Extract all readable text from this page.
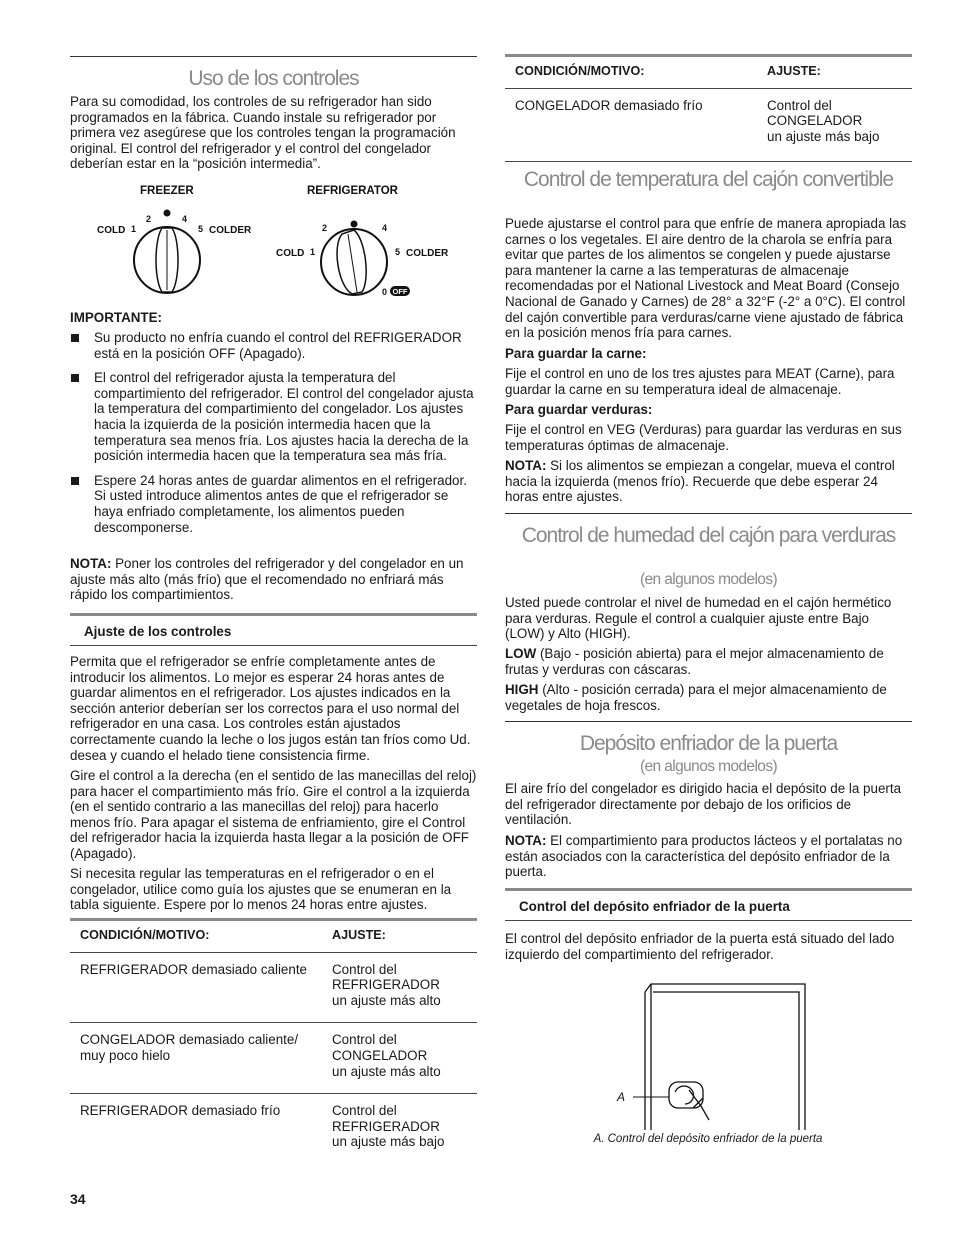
Uso de los controles

Para su comodidad, los controles de su refrigerador han sido programados en la fábrica. Cuando instale su refrigerador por primera vez asegúrese que los controles tengan la programación original. El control del refrigerador y el control del congelador deberían estar en la “posición intermedia”.

FREEZER	REFRIGERATOR
COLD 1
2	4
5 COLDER
COLD 1
2	4
5 COLDER
0 OFF

IMPORTANTE:

Su producto no enfría cuando el control del REFRIGERADOR está en la posición OFF (Apagado).
El control del refrigerador ajusta la temperatura del compartimiento del refrigerador. El control del congelador ajusta la temperatura del compartimiento del congelador. Los ajustes hacia la izquierda de la posición intermedia hacen que la temperatura sea menos fría. Los ajustes hacia la derecha de la posición intermedia hacen que la temperatura sea más fría.
Espere 24 horas antes de guardar alimentos en el refrigerador. Si usted introduce alimentos antes de que el refrigerador se haya enfriado completamente, los alimentos pueden descomponerse.

NOTA: Poner los controles del refrigerador y del congelador en un ajuste más alto (más frío) que el recomendado no enfriará más rápido los compartimientos.

Ajuste de los controles

Permita que el refrigerador se enfríe completamente antes de introducir los alimentos. Lo mejor es esperar 24 horas antes de guardar alimentos en el refrigerador. Los ajustes indicados en la sección anterior deberían ser los correctos para el uso normal del refrigerador en una casa. Los controles están ajustados correctamente cuando la leche o los jugos están tan fríos como Ud. desea y cuando el helado tiene consistencia firme.

Gire el control a la derecha (en el sentido de las manecillas del reloj) para hacer el compartimiento más frío. Gire el control a la izquierda (en el sentido contrario a las manecillas del reloj) para hacerlo menos frío. Para apagar el sistema de enfriamiento, gire el Control del refrigerador hacia la izquierda hasta llegar a la posición de OFF (Apagado).

Si necesita regular las temperaturas en el refrigerador o en el congelador, utilice como guía los ajustes que se enumeran en la tabla siguiente. Espere por lo menos 24 horas entre ajustes.

CONDICIÓN/MOTIVO:	AJUSTE:
REFRIGERADOR demasiado caliente	Control del
REFRIGERADOR
un ajuste más alto

CONGELADOR demasiado caliente/ muy poco hielo	Control del
CONGELADOR
un ajuste más alto

REFRIGERADOR demasiado frío	Control del
REFRIGERADOR
un ajuste más bajo
CONDICIÓN/MOTIVO:	AJUSTE:
CONGELADOR demasiado frío	Control del
CONGELADOR
un ajuste más bajo
Control de temperatura del cajón convertible

Puede ajustarse el control para que enfríe de manera apropiada las carnes o los vegetales. El aire dentro de la charola se enfría para evitar que partes de los alimentos se congelen y puede ajustarse para mantener la carne a las temperaturas de almacenaje recomendadas por el National Livestock and Meat Board (Consejo Nacional de Ganado y Carnes) de 28° a 32°F (-2° a 0°C). El control del cajón convertible para verduras/carne viene ajustado de fábrica en la posición menos fría para carnes.

Para guardar la carne:

Fije el control en uno de los tres ajustes para MEAT (Carne), para guardar la carne en su temperatura ideal de almacenaje.

Para guardar verduras:

Fije el control en VEG (Verduras) para guardar las verduras en sus temperaturas óptimas de almacenaje.

NOTA: Si los alimentos se empiezan a congelar, mueva el control hacia la izquierda (menos frío). Recuerde que debe esperar 24 horas entre ajustes.

Control de humedad del cajón para verduras
(en algunos modelos)

Usted puede controlar el nivel de humedad en el cajón hermético para verduras. Regule el control a cualquier ajuste entre Bajo (LOW) y Alto (HIGH).

LOW (Bajo - posición abierta) para el mejor almacenamiento de frutas y verduras con cáscaras.

HIGH (Alto - posición cerrada) para el mejor almacenamiento de vegetales de hoja frescos.

Depósito enfriador de la puerta
(en algunos modelos)

El aire frío del congelador es dirigido hacia el depósito de la puerta del refrigerador directamente por debajo de los orificios de ventilación.

NOTA: El compartimiento para productos lácteos y el portalatas no están asociados con la característica del depósito enfriador de la puerta.

Control del depósito enfriador de la puerta

El control del depósito enfriador de la puerta está situado del lado izquierdo del compartimiento del refrigerador.

A
A. Control del depósito enfriador de la puerta
34
